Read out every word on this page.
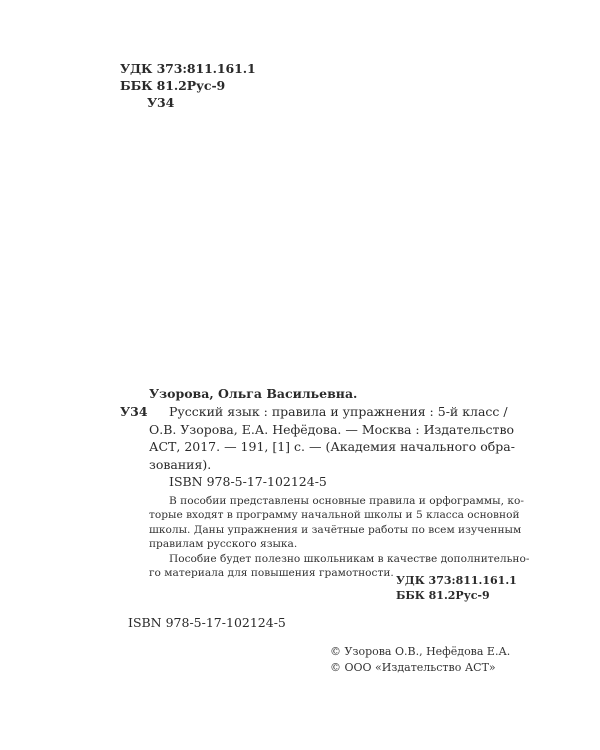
УДК 373:811.161.1
ББК 81.2Рус-9
У34
Узорова, Ольга Васильевна.
У34	Русский язык : правила и упражнения : 5-й класс /
О.В. Узорова, Е.А. Нефёдова. — Москва : Издательство
АСТ, 2017. — 191, [1] с. — (Академия начального обра-
зования).
ISBN 978-5-17-102124-5
В пособии представлены основные правила и орфограммы, ко-
торые входят в программу начальной школы и 5 класса основной
школы. Даны упражнения и зачётные работы по всем изученным
правилам русского языка.
Пособие будет полезно школьникам в качестве дополнительно-
го материала для повышения грамотности.
УДК 373:811.161.1
ББК 81.2Рус-9
ISBN 978-5-17-102124-5
© Узорова О.В., Нефёдова Е.А.
© ООО «Издательство АСТ»
